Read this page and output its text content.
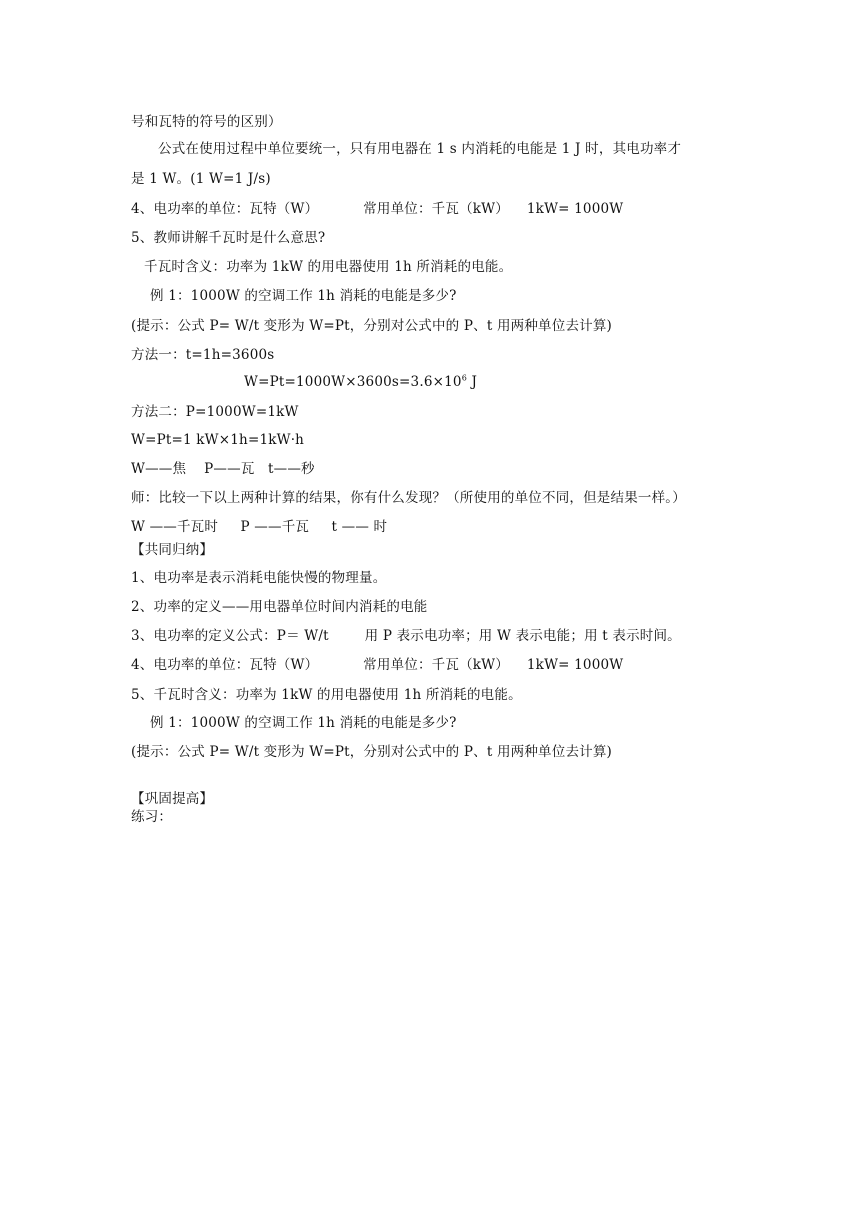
号和瓦特的符号的区别）
公式在使用过程中单位要统一，只有用电器在 1 s 内消耗的电能是 1 J 时，其电功率才
是 1 W。(1 W=1 J/s)
4、电功率的单位：瓦特（W）          常用单位：千瓦（kW）    1kW= 1000W
5、教师讲解千瓦时是什么意思?
千瓦时含义：功率为 1kW 的用电器使用 1h 所消耗的电能。
例 1：1000W 的空调工作 1h 消耗的电能是多少?
(提示：公式 P= W/t 变形为 W=Pt，分别对公式中的 P、t 用两种单位去计算)
方法一：t=1h=3600s
$W=Pt=1000W\times 3600s=3.6\times 10^6$ J
方法二：P=1000W=1kW
W=Pt=1 kW×1h=1kW·h
W——焦    P——瓦   t——秒
师：比较一下以上两种计算的结果，你有什么发现？（所使用的单位不同，但是结果一样。）
W ——千瓦时     P ——千瓦     t —— 时
【共同归纳】
1、电功率是表示消耗电能快慢的物理量。
2、功率的定义——用电器单位时间内消耗的电能
3、电功率的定义公式：P＝ W/t        用 P 表示电功率；用 W 表示电能；用 t 表示时间。
4、电功率的单位：瓦特（W）          常用单位：千瓦（kW）    1kW= 1000W
5、千瓦时含义：功率为 1kW 的用电器使用 1h 所消耗的电能。
例 1：1000W 的空调工作 1h 消耗的电能是多少?
(提示：公式 P= W/t 变形为 W=Pt，分别对公式中的 P、t 用两种单位去计算)
【巩固提高】
练习：
